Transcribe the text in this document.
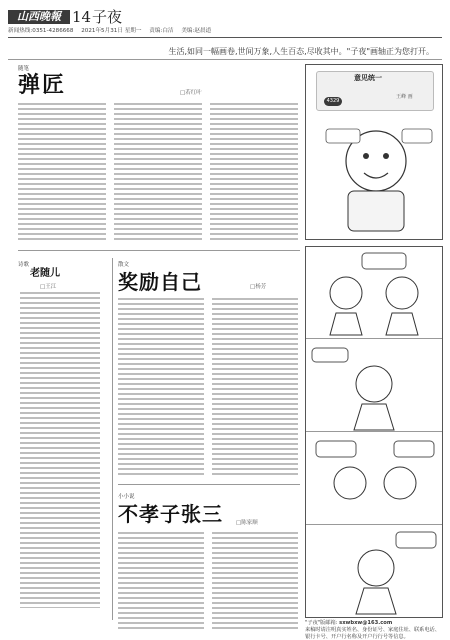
山西晚報 14 子夜
新闻热线:0351-4286668 2021年5月31日 星期一 责编:白洁 美编:赵晨道
生活,如同一幅画卷,世间万象,人生百态,尽收其中。"子夜"画轴正为您打开。
随笔
弹匠	□若红叶
诗歌
老随儿
□王江
散文
奖励自己	□杨芳
小小说
不孝子张三 □陈家顺
意见统一
王峰 画
4329
"子夜"版邮箱: sxwbxw@163.com
来稿时请注明真实姓名、身份证号、家庭住址、联系电话、银行卡号、开户行名称及开户行行号等信息。
